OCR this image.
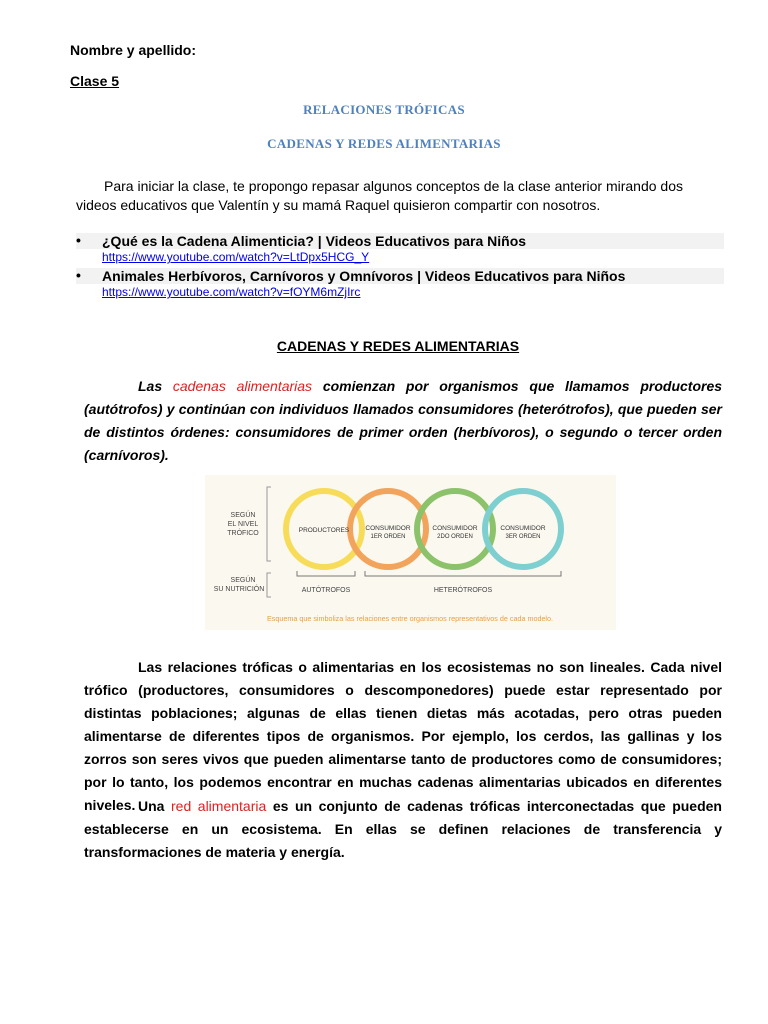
Nombre y apellido:
Clase 5
RELACIONES TRÓFICAS
CADENAS Y REDES ALIMENTARIAS
Para iniciar la clase, te propongo repasar algunos conceptos de la clase anterior mirando dos
videos educativos que Valentín y su mamá Raquel quisieron compartir con nosotros.
• ¿Qué es la Cadena Alimenticia? | Videos Educativos para Niños
https://www.youtube.com/watch?v=LtDpx5HCG_Y
• Animales Herbívoros, Carnívoros y Omnívoros | Videos Educativos para Niños
https://www.youtube.com/watch?v=fOYM6mZjIrc
CADENAS Y REDES ALIMENTARIAS
Las cadenas alimentarias comienzan por organismos que llamamos productores (autótrofos) y continúan con individuos llamados consumidores (heterótrofos), que pueden ser de distintos órdenes: consumidores de primer orden (herbívoros), o segundo o tercer orden (carnívoros).
SEGÚN
EL NIVEL
TRÓFICO
SEGÚN
SU NUTRICIÓN
PRODUCTORES CONSUMIDOR
1ER ORDEN
CONSUMIDOR
2DO ORDEN
CONSUMIDOR
3ER ORDEN
AUTÓTROFOS	HETERÓTROFOS
Esquema que simboliza las relaciones entre organismos representativos de cada modelo.
Las relaciones tróficas o alimentarias en los ecosistemas no son lineales. Cada nivel trófico (productores, consumidores o descomponedores) puede estar representado por distintas poblaciones; algunas de ellas tienen dietas más acotadas, pero otras pueden alimentarse de diferentes tipos de organismos. Por ejemplo, los cerdos, las gallinas y los zorros son seres vivos que pueden alimentarse tanto de productores como de consumidores; por lo tanto, los podemos encontrar en muchas cadenas alimentarias ubicados en diferentes niveles. Una red alimentaria es un conjunto de cadenas tróficas interconectadas que pueden establecerse en un ecosistema. En ellas se definen relaciones de transferencia y transformaciones de materia y energía.
